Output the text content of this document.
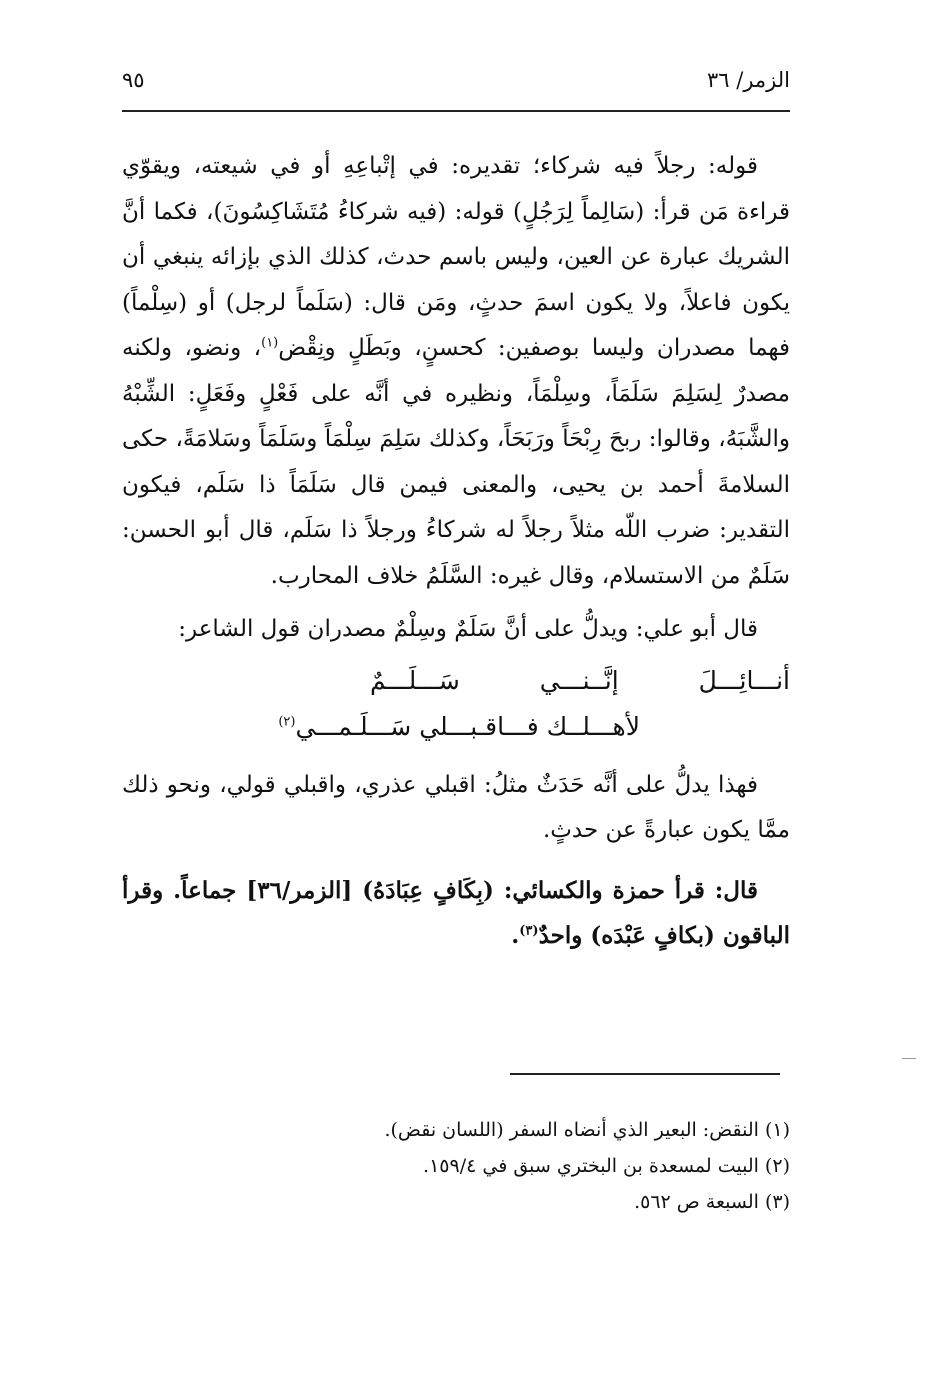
الزمر/ ٣٦
٩٥

قوله: رجلاً فيه شركاء؛ تقديره: في إتْباعِهِ أو في شيعته، ويقوّي قراءة مَن قرأ: (سَالِماً لِرَجُلٍ) قوله: (فيه شركاءُ مُتَشَاكِسُونَ)، فكما أنَّ الشريك عبارة عن العين، وليس باسم حدث، كذلك الذي بإزائه ينبغي أن يكون فاعلاً، ولا يكون اسمَ حدثٍ، ومَن قال: (سَلَماً لرجل) أو (سِلْماً) فهما مصدران وليسا بوصفين: كحسنٍ، وبَطَلٍ ونِقْض$^{(١)}$، ونضو، ولكنه مصدرٌ لِسَلِمَ سَلَمَاً، وسِلْمَاً، ونظيره في أنَّه على فَعْلٍ وفَعَلٍ: الشِّبْهُ والشَّبَهُ، وقالوا: ربحَ رِبْحَاً ورَبَحَاً، وكذلك سَلِمَ سِلْمَاً وسَلَمَاً وسَلامَةً، حكى السلامةَ أحمد بن يحيى، والمعنى فيمن قال سَلَمَاً ذا سَلَم، فيكون التقدير: ضرب اللّه مثلاً رجلاً له شركاءُ ورجلاً ذا سَلَم، قال أبو الحسن: سَلَمٌ من الاستسلام، وقال غيره: السَّلَمُ خلاف المحارب.

قال أبو علي: ويدلُّ على أنَّ سَلَمٌ وسِلْمٌ مصدران قول الشاعر:

أنـــائِـــلَ
إنَّــنـــي
سَـــلَـــمٌ
لأهـــلــك فـــاقـبـــلي سَـــلَـمـــي$^{(٢)}$

فهذا يدلُّ على أنَّه حَدَثٌ مثلُ: اقبلي عذري، واقبلي قولي، ونحو ذلك ممَّا يكون عبارةً عن حدثٍ.

قال: قرأ حمزة والكسائي: (بِكَافٍ عِبَادَهُ) [الزمر/٣٦] جماعاً. وقرأ الباقون (بكافٍ عَبْدَه) واحدٌ$^{(٣)}$.

(١) النقض: البعير الذي أنضاه السفر (اللسان نقض).
(٢) البيت لمسعدة بن البختري سبق في ١٥٩/٤.
(٣) السبعة ص ٥٦٢.
